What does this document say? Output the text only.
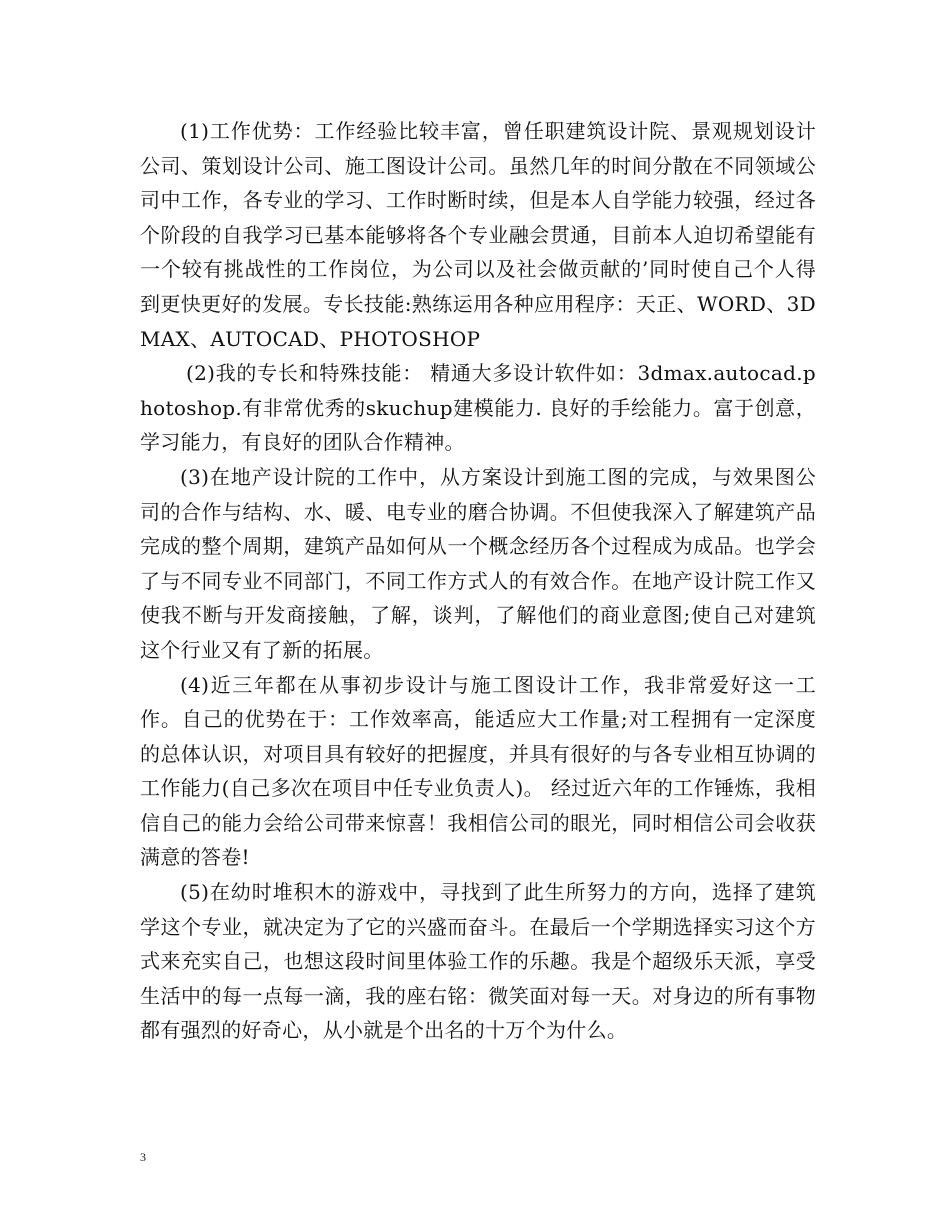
(1)工作优势：工作经验比较丰富，曾任职建筑设计院、景观规划设计公司、策划设计公司、施工图设计公司。虽然几年的时间分散在不同领域公司中工作，各专业的学习、工作时断时续，但是本人自学能力较强，经过各个阶段的自我学习已基本能够将各个专业融会贯通，目前本人迫切希望能有一个较有挑战性的工作岗位，为公司以及社会做贡献的’同时使自己个人得到更快更好的发展。专长技能:熟练运用各种应用程序：天正、WORD、3DMAX、AUTOCAD、PHOTOSHOP

(2)我的专长和特殊技能： 精通大多设计软件如：3dmax.autocad.photoshop.有非常优秀的skuchup建模能力. 良好的手绘能力。富于创意，学习能力，有良好的团队合作精神。

(3)在地产设计院的工作中，从方案设计到施工图的完成，与效果图公司的合作与结构、水、暖、电专业的磨合协调。不但使我深入了解建筑产品完成的整个周期，建筑产品如何从一个概念经历各个过程成为成品。也学会了与不同专业不同部门，不同工作方式人的有效合作。在地产设计院工作又使我不断与开发商接触，了解，谈判，了解他们的商业意图;使自己对建筑这个行业又有了新的拓展。

(4)近三年都在从事初步设计与施工图设计工作，我非常爱好这一工作。自己的优势在于：工作效率高，能适应大工作量;对工程拥有一定深度的总体认识，对项目具有较好的把握度，并具有很好的与各专业相互协调的工作能力(自己多次在项目中任专业负责人)。 经过近六年的工作锤炼，我相信自己的能力会给公司带来惊喜！我相信公司的眼光，同时相信公司会收获满意的答卷!

(5)在幼时堆积木的游戏中，寻找到了此生所努力的方向，选择了建筑学这个专业，就决定为了它的兴盛而奋斗。在最后一个学期选择实习这个方式来充实自己，也想这段时间里体验工作的乐趣。我是个超级乐天派，享受生活中的每一点每一滴，我的座右铭：微笑面对每一天。对身边的所有事物都有强烈的好奇心，从小就是个出名的十万个为什么。

3
